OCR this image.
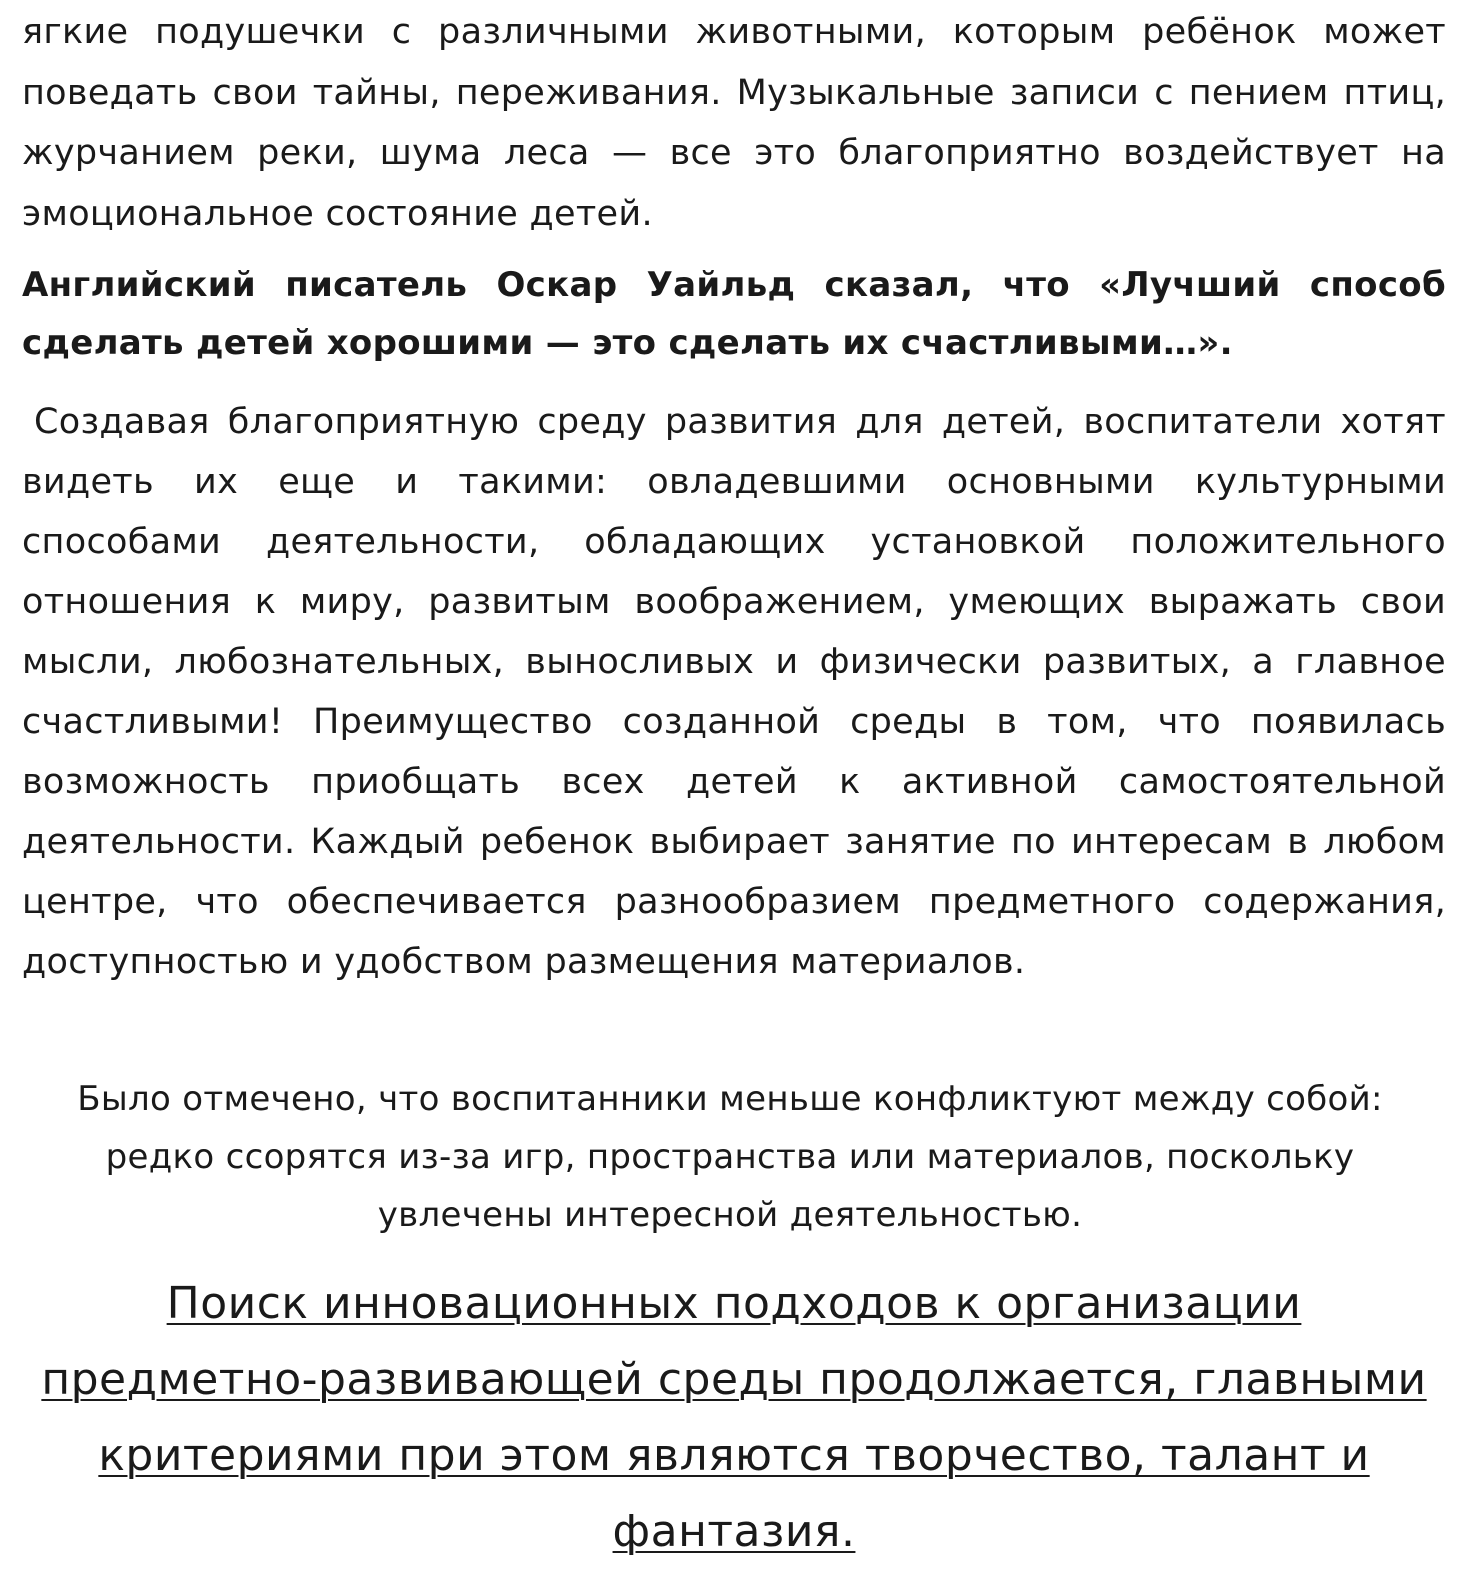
ягкие подушечки с различными животными, которым ребёнок может поведать свои тайны, переживания. Музыкальные записи с пением птиц, журчанием реки, шума леса — все это благоприятно воздействует на эмоциональное состояние детей.

Английский писатель Оскар Уайльд сказал, что «Лучший способ сделать детей хорошими — это сделать их счастливыми…».

Создавая благоприятную среду развития для детей, воспитатели хотят видеть их еще и такими: овладевшими основными культурными способами деятельности, обладающих установкой положительного отношения к миру, развитым воображением, умеющих выражать свои мысли, любознательных, выносливых и физически развитых, а главное счастливыми! Преимущество созданной среды в том, что появилась возможность приобщать всех детей к активной самостоятельной деятельности. Каждый ребенок выбирает занятие по интересам в любом центре, что обеспечивается разнообразием предметного содержания, доступностью и удобством размещения материалов.

Было отмечено, что воспитанники меньше конфликтуют между собой: редко ссорятся из-за игр, пространства или материалов, поскольку увлечены интересной деятельностью.

Поиск инновационных подходов к организации предметно-развивающей среды продолжается, главными критериями при этом являются творчество, талант и фантазия.
